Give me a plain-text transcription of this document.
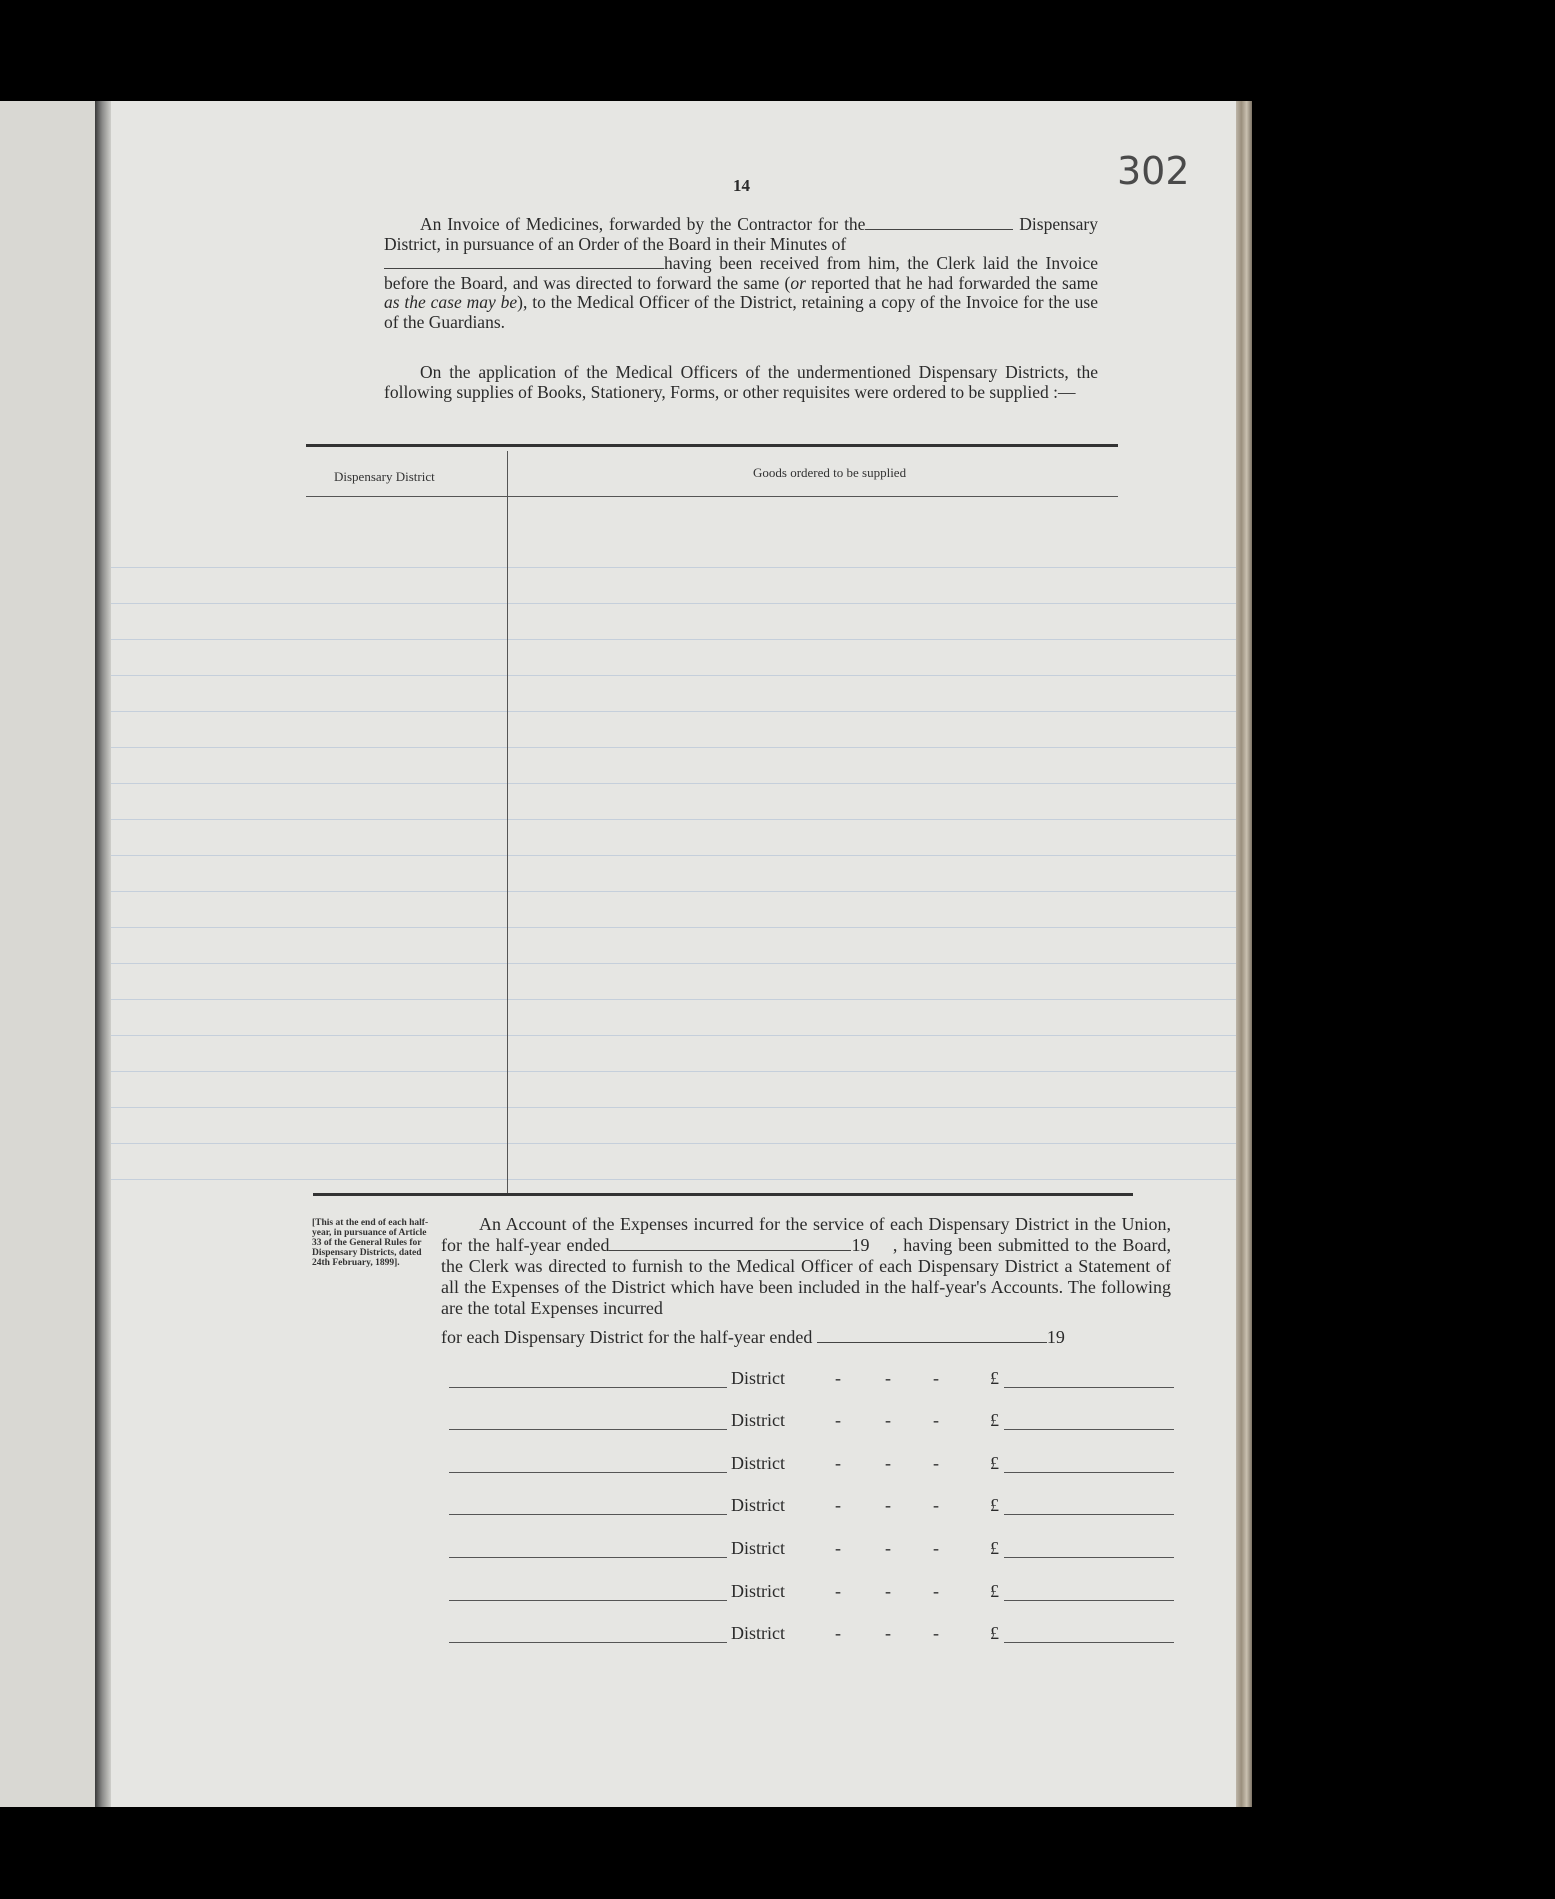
14	302
An Invoice of Medicines, forwarded by the Contractor for the	Dispensary District, in pursuance of an Order of the Board in their Minutes of
having been received from him, the Clerk laid the Invoice before the Board, and was directed to forward the same (or reported that he had forwarded the same as the case may be), to the Medical Officer of the District, retaining a copy of the Invoice for the use of the Guardians.
On the application of the Medical Officers of the undermentioned Dispensary Districts, the following supplies of Books, Stationery, Forms, or other requisites were ordered to be supplied :—
Dispensary District	Goods ordered to be supplied
[This at the end of each half-year, in pursuance of Article 33 of the General Rules for Dispensary Districts, dated 24th February, 1899].
An Account of the Expenses incurred for the service of each Dispensary District in the Union, for the half-year ended	19 , having been submitted to the Board, the Clerk was directed to furnish to the Medical Officer of each Dispensary District a Statement of all the Expenses of the District which have been included in the half-year's Accounts. The following are the total Expenses incurred
for each Dispensary District for the half-year ended	19
District	- - -	£
District	- - -	£
District	- - -	£
District	- - -	£
District	- - -	£
District	- - -	£
District	- - -	£
